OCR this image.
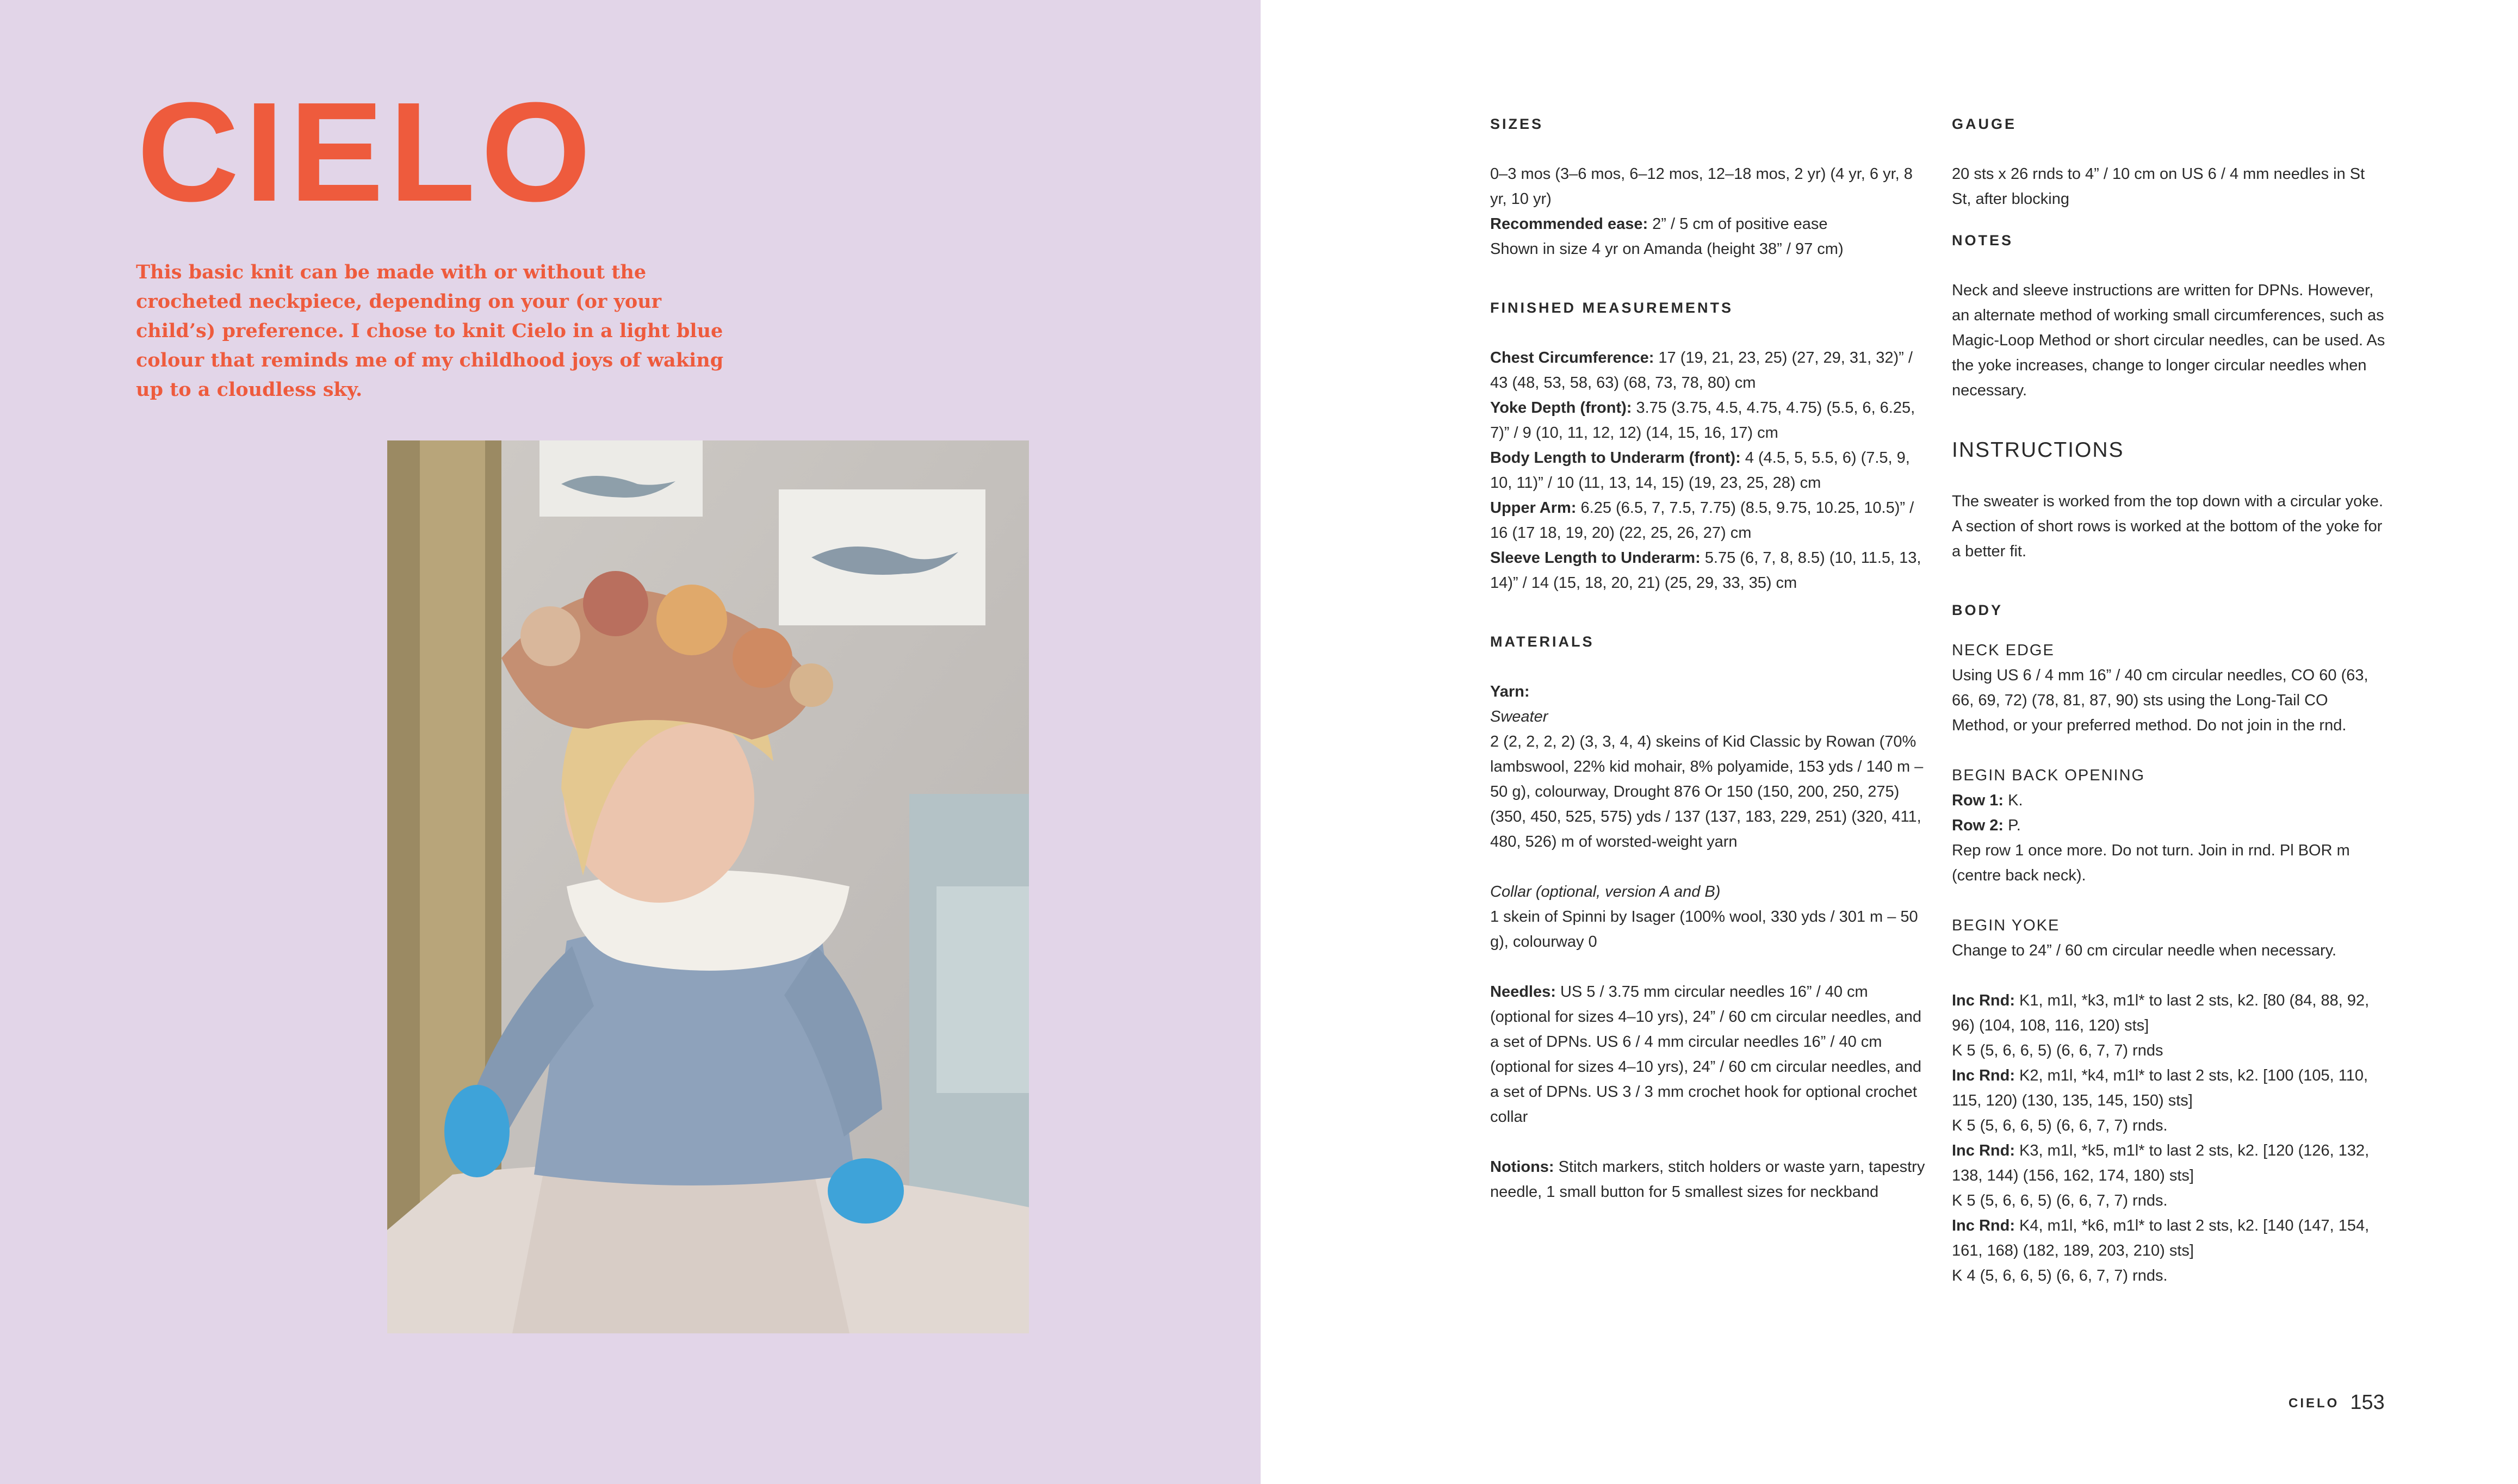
CIELO

This basic knit can be made with or without the crocheted neckpiece, depending on your (or your child’s) preference. I chose to knit Cielo in a light blue colour that reminds me of my childhood joys of waking up to a cloudless sky.

SIZES

0–3 mos (3–6 mos, 6–12 mos, 12–18 mos, 2 yr) (4 yr, 6 yr, 8 yr, 10 yr)

Recommended ease: 2” / 5 cm of positive ease

Shown in size 4 yr on Amanda (height 38” / 97 cm)

FINISHED MEASUREMENTS

Chest Circumference: 17 (19, 21, 23, 25) (27, 29, 31, 32)” / 43 (48, 53, 58, 63) (68, 73, 78, 80) cm

Yoke Depth (front): 3.75 (3.75, 4.5, 4.75, 4.75) (5.5, 6, 6.25, 7)” / 9 (10, 11, 12, 12) (14, 15, 16, 17) cm

Body Length to Underarm (front): 4 (4.5, 5, 5.5, 6) (7.5, 9, 10, 11)” / 10 (11, 13, 14, 15) (19, 23, 25, 28) cm

Upper Arm: 6.25 (6.5, 7, 7.5, 7.75) (8.5, 9.75, 10.25, 10.5)” / 16 (17 18, 19, 20) (22, 25, 26, 27) cm

Sleeve Length to Underarm: 5.75 (6, 7, 8, 8.5) (10, 11.5, 13, 14)” / 14 (15, 18, 20, 21) (25, 29, 33, 35) cm

MATERIALS

Yarn:

Sweater

2 (2, 2, 2, 2) (3, 3, 4, 4) skeins of Kid Classic by Rowan (70% lambswool, 22% kid mohair, 8% polyamide, 153 yds / 140 m – 50 g), colourway, Drought 876 Or 150 (150, 200, 250, 275) (350, 450, 525, 575) yds / 137 (137, 183, 229, 251) (320, 411, 480, 526) m of worsted-weight yarn

Collar (optional, version A and B)

1 skein of Spinni by Isager (100% wool, 330 yds / 301 m – 50 g), colourway 0

Needles: US 5 / 3.75 mm circular needles 16” / 40 cm (optional for sizes 4–10 yrs), 24” / 60 cm circular needles, and a set of DPNs. US 6 / 4 mm circular needles 16” / 40 cm (optional for sizes 4–10 yrs), 24” / 60 cm circular needles, and a set of DPNs. US 3 / 3 mm crochet hook for optional crochet collar

Notions: Stitch markers, stitch holders or waste yarn, tapestry needle, 1 small button for 5 smallest sizes for neckband

GAUGE

20 sts x 26 rnds to 4” / 10 cm on US 6 / 4 mm needles in St St, after blocking

NOTES

Neck and sleeve instructions are written for DPNs. However, an alternate method of working small circumferences, such as Magic-Loop Method or short circular needles, can be used. As the yoke increases, change to longer circular needles when necessary.

INSTRUCTIONS

The sweater is worked from the top down with a circular yoke. A section of short rows is worked at the bottom of the yoke for a better fit.

BODY

NECK EDGE

Using US 6 / 4 mm 16” / 40 cm circular needles, CO 60 (63, 66, 69, 72) (78, 81, 87, 90) sts using the Long-Tail CO Method, or your preferred method. Do not join in the rnd.

BEGIN BACK OPENING

Row 1: K.

Row 2: P.

Rep row 1 once more. Do not turn. Join in rnd. Pl BOR m (centre back neck).

BEGIN YOKE

Change to 24” / 60 cm circular needle when necessary.

Inc Rnd: K1, m1l, *k3, m1l* to last 2 sts, k2. [80 (84, 88, 92, 96) (104, 108, 116, 120) sts]

K 5 (5, 6, 6, 5) (6, 6, 7, 7) rnds

Inc Rnd: K2, m1l, *k4, m1l* to last 2 sts, k2. [100 (105, 110, 115, 120) (130, 135, 145, 150) sts]

K 5 (5, 6, 6, 5) (6, 6, 7, 7) rnds.

Inc Rnd: K3, m1l, *k5, m1l* to last 2 sts, k2. [120 (126, 132, 138, 144) (156, 162, 174, 180) sts]

K 5 (5, 6, 6, 5) (6, 6, 7, 7) rnds.

Inc Rnd: K4, m1l, *k6, m1l* to last 2 sts, k2. [140 (147, 154, 161, 168) (182, 189, 203, 210) sts]

K 4 (5, 6, 6, 5) (6, 6, 7, 7) rnds.

CIELO 153
